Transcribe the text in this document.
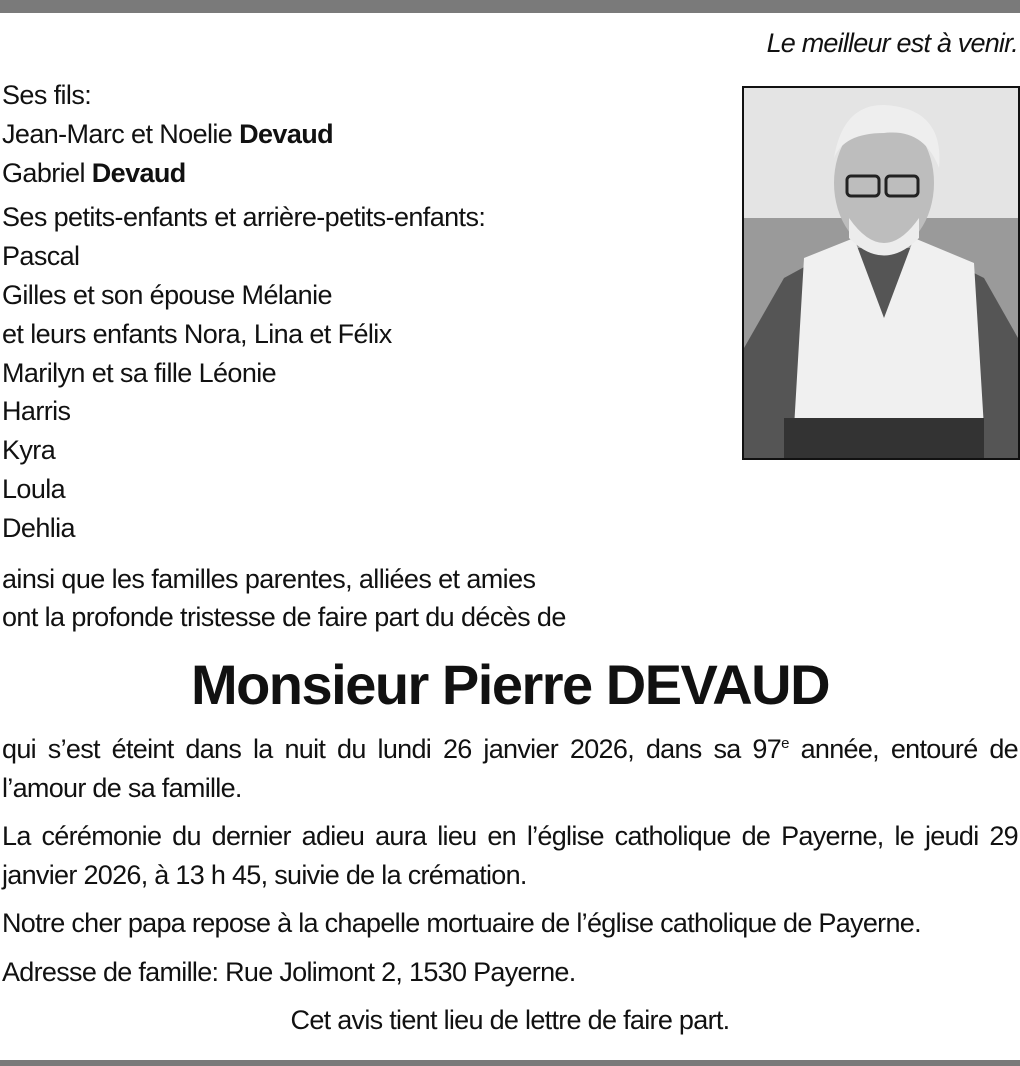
Le meilleur est à venir.
Ses fils:
Jean-Marc et Noelie Devaud
Gabriel Devaud
Ses petits-enfants et arrière-petits-enfants:
Pascal
Gilles et son épouse Mélanie
et leurs enfants Nora, Lina et Félix
Marilyn et sa fille Léonie
Harris
Kyra
Loula
Dehlia
ainsi que les familles parentes, alliées et amies
ont la profonde tristesse de faire part du décès de
Monsieur Pierre DEVAUD

qui s’est éteint dans la nuit du lundi 26 janvier 2026, dans sa 97e année, entouré de l’amour de sa famille.

La cérémonie du dernier adieu aura lieu en l’église catholique de Payerne, le jeudi 29 janvier 2026, à 13 h 45, suivie de la crémation.

Notre cher papa repose à la chapelle mortuaire de l’église catholique de Payerne.

Adresse de famille: Rue Jolimont 2, 1530 Payerne.

Cet avis tient lieu de lettre de faire part.
